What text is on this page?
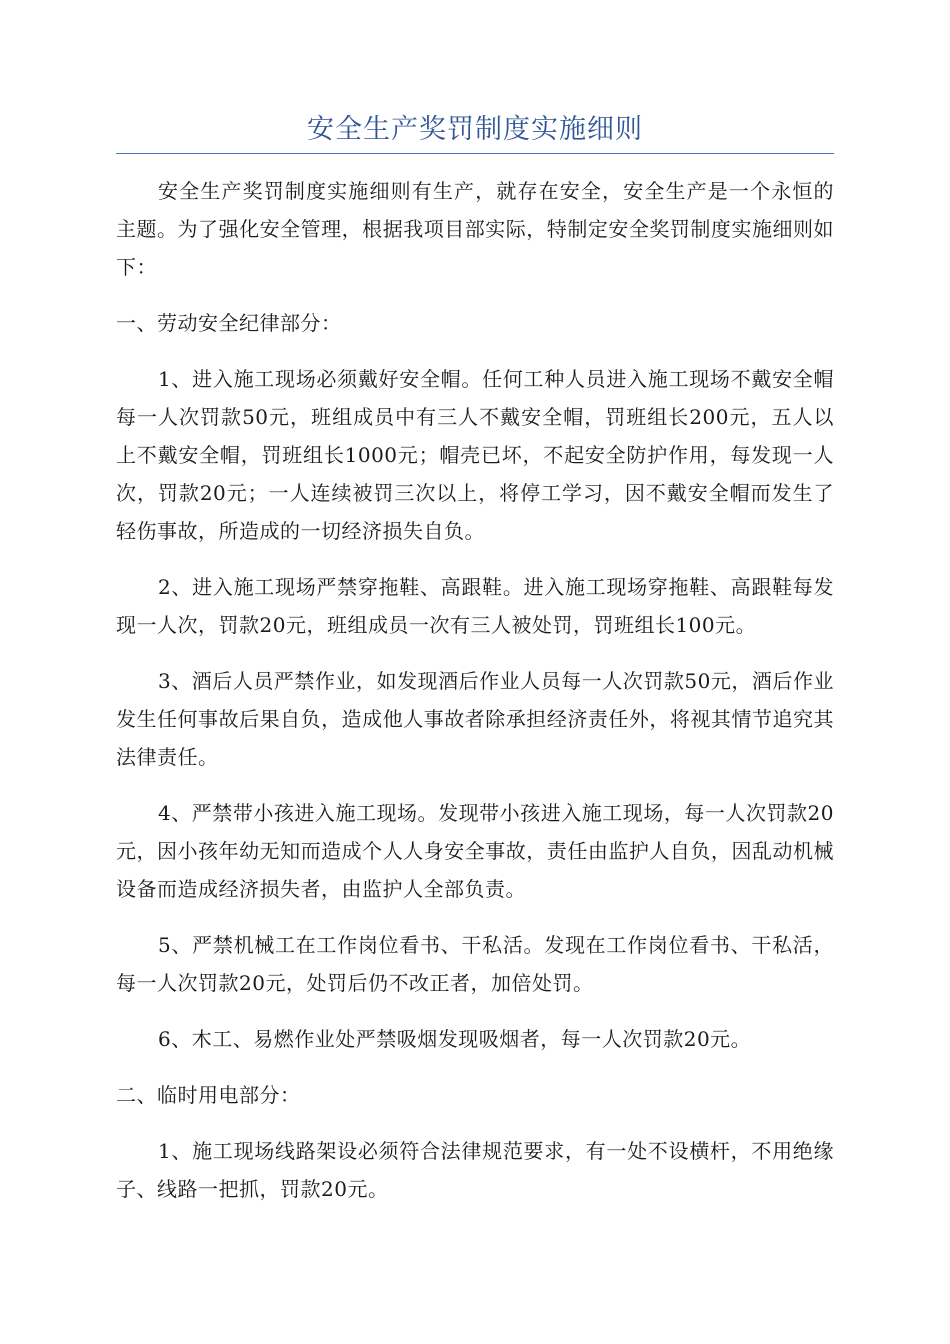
安全生产奖罚制度实施细则

安全生产奖罚制度实施细则有生产，就存在安全，安全生产是一个永恒的主题。为了强化安全管理，根据我项目部实际，特制定安全奖罚制度实施细则如下：

一、劳动安全纪律部分：

1、进入施工现场必须戴好安全帽。任何工种人员进入施工现场不戴安全帽每一人次罚款50元，班组成员中有三人不戴安全帽，罚班组长200元，五人以上不戴安全帽，罚班组长1000元；帽壳已坏，不起安全防护作用，每发现一人次，罚款20元；一人连续被罚三次以上，将停工学习，因不戴安全帽而发生了轻伤事故，所造成的一切经济损失自负。

2、进入施工现场严禁穿拖鞋、高跟鞋。进入施工现场穿拖鞋、高跟鞋每发现一人次，罚款20元，班组成员一次有三人被处罚，罚班组长100元。

3、酒后人员严禁作业，如发现酒后作业人员每一人次罚款50元，酒后作业发生任何事故后果自负，造成他人事故者除承担经济责任外，将视其情节追究其法律责任。

4、严禁带小孩进入施工现场。发现带小孩进入施工现场，每一人次罚款20元，因小孩年幼无知而造成个人人身安全事故，责任由监护人自负，因乱动机械设备而造成经济损失者，由监护人全部负责。

5、严禁机械工在工作岗位看书、干私活。发现在工作岗位看书、干私活，每一人次罚款20元，处罚后仍不改正者，加倍处罚。

6、木工、易燃作业处严禁吸烟发现吸烟者，每一人次罚款20元。

二、临时用电部分：

1、施工现场线路架设必须符合法律规范要求，有一处不设横杆，不用绝缘子、线路一把抓，罚款20元。
